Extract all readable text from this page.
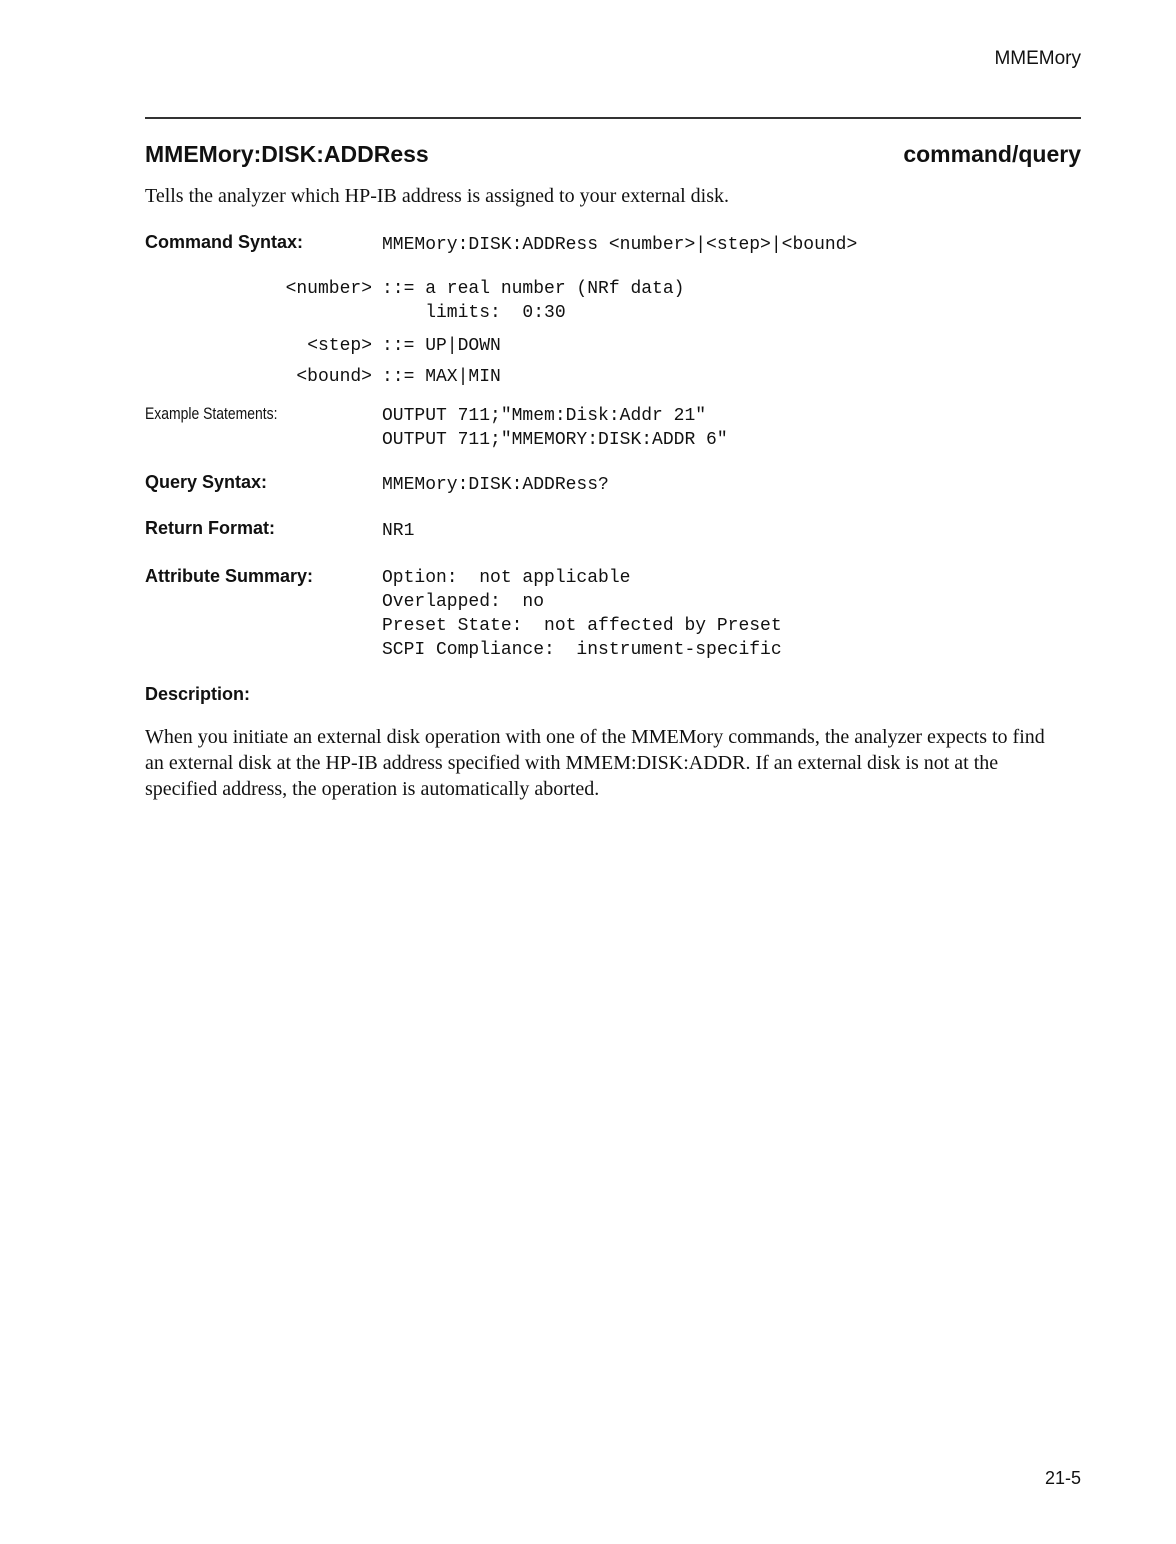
MMEMory
MMEMory:DISK:ADDRess	command/query
Tells the analyzer which HP-IB address is assigned to your external disk.
Command Syntax:	MMEMory:DISK:ADDRess <number>|<step>|<bound>
<number> ::= a real number (NRf data)
limits:  0:30
<step> ::= UP|DOWN
<bound> ::= MAX|MIN
Example Statements:	OUTPUT 711;"Mmem:Disk:Addr 21"
OUTPUT 711;"MMEMORY:DISK:ADDR 6"
Query Syntax:	MMEMory:DISK:ADDRess?
Return Format:	NR1
Attribute Summary:	Option:  not applicable
Overlapped:  no
Preset State:  not affected by Preset
SCPI Compliance:  instrument-specific
Description:
When you initiate an external disk operation with one of the MMEMory commands, the analyzer expects to find an external disk at the HP-IB address specified with MMEM:DISK:ADDR. If an external disk is not at the specified address, the operation is automatically aborted.
21-5
